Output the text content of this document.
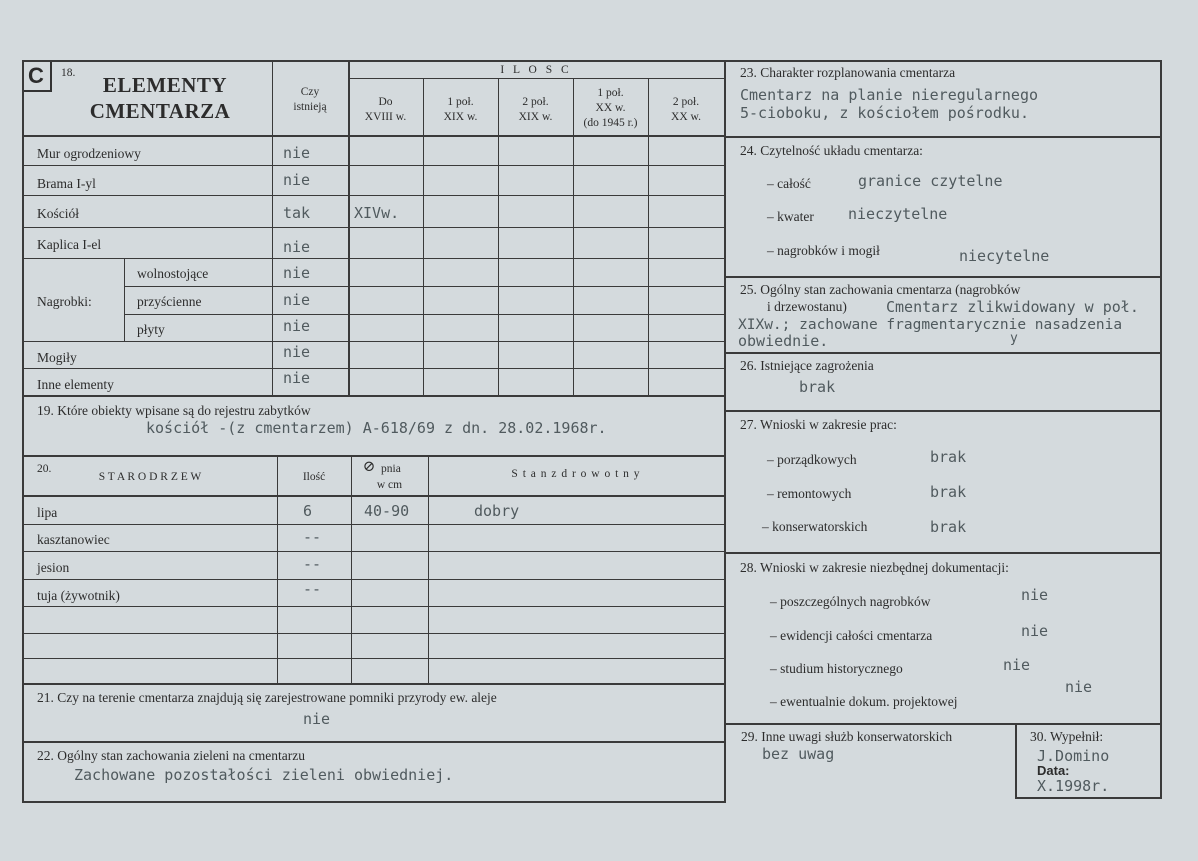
C 18.	ELEMENTY
CMENTARZA
Czy
istnieją
I L O S C
Do
XVIII w.
1 poł.
XIX w.
2 poł.
XIX w.
1 poł.
XX w.
(do 1945 r.)
2 poł.
XX w.
Mur ogrodzeniowy	nie
Brama I-yl	nie
Kościół	tak	XIVw.
Kaplica I-el	nie
Nagrobki:
wolnostojące	nie
przyścienne	nie
płyty	nie
Mogiły	nie
Inne elementy	nie
19. Które obiekty wpisane są do rejestru zabytków
kościół -(z cmentarzem) A-618/69 z dn. 28.02.1968r.
20.
S T A R O D R Z E W	Ilość
⊘ pnia
w cm
S t a n z d r o w o t n y
lipa	6	40-90	dobry
kasztanowiec	--
jesion	--
tuja (żywotnik)	--
21. Czy na terenie cmentarza znajdują się zarejestrowane pomniki przyrody ew. aleje
nie
22. Ogólny stan zachowania zieleni na cmentarzu
Zachowane pozostałości zieleni obwiedniej.
23. Charakter rozplanowania cmentarza
Cmentarz na planie nieregularnego
5-cioboku, z kościołem pośrodku.
24. Czytelność układu cmentarza:
– całość	granice czytelne
– kwater nieczytelne
– nagrobków i mogił	niecytelne
25. Ogólny stan zachowania cmentarza (nagrobków
i drzewostanu)	Cmentarz zlikwidowany w poł.
XIXw.; zachowane fragmentarycznie nasadzenia
obwiednie.	y
26. Istniejące zagrożenia
brak
27. Wnioski w zakresie prac:
– porządkowych	brak
– remontowych	brak
– konserwatorskich	brak
28. Wnioski w zakresie niezbędnej dokumentacji:
– poszczególnych nagrobków	nie
– ewidencji całości cmentarza	nie
– studium historycznego	nie
– ewentualnie dokum. projektowej
nie
29. Inne uwagi służb konserwatorskich
bez uwag
30. Wypełnił:
J.Domino
Data:
X.1998r.
